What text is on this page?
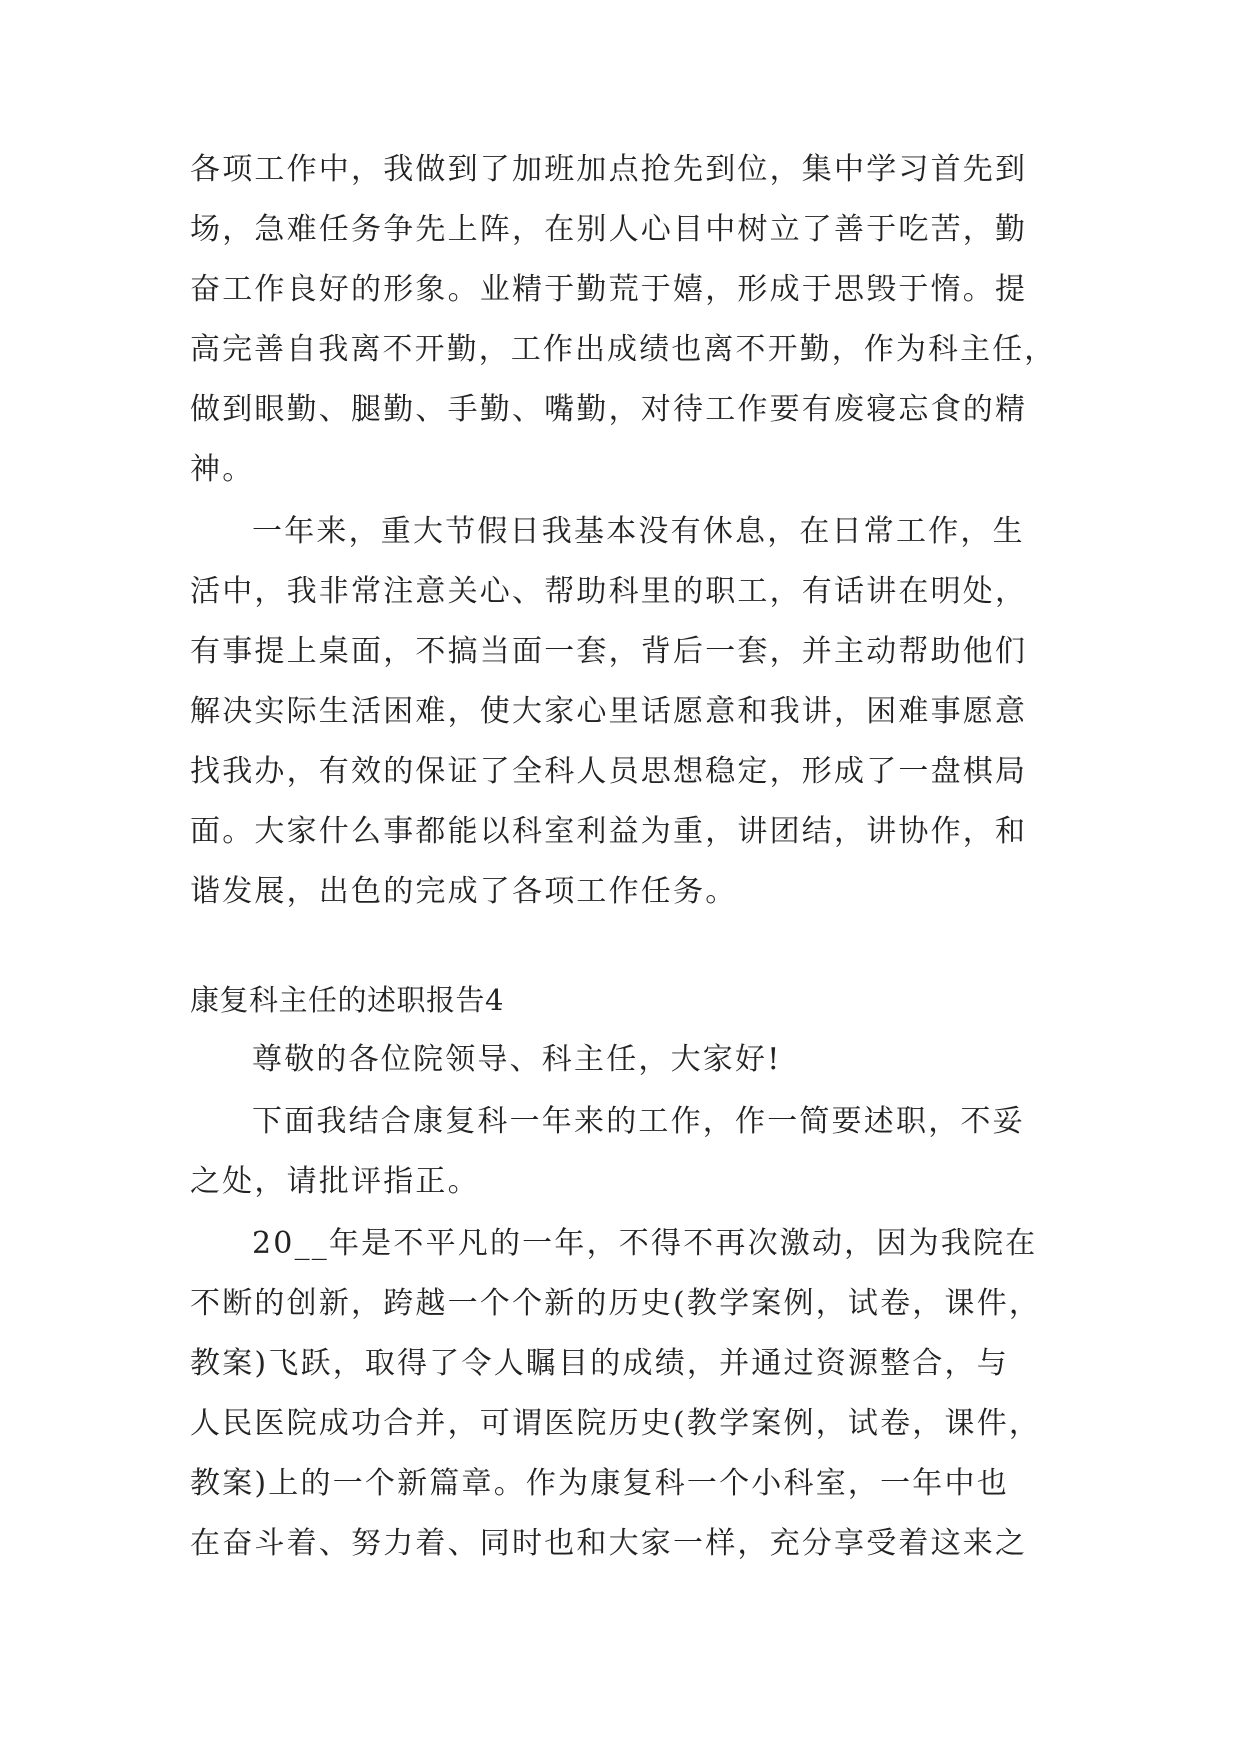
各项工作中，我做到了加班加点抢先到位，集中学习首先到
场，急难任务争先上阵，在别人心目中树立了善于吃苦，勤
奋工作良好的形象。业精于勤荒于嬉，形成于思毁于惰。提
高完善自我离不开勤，工作出成绩也离不开勤，作为科主任，
做到眼勤、腿勤、手勤、嘴勤，对待工作要有废寝忘食的精
神。
一年来，重大节假日我基本没有休息，在日常工作，生
活中，我非常注意关心、帮助科里的职工，有话讲在明处，
有事提上桌面，不搞当面一套，背后一套，并主动帮助他们
解决实际生活困难，使大家心里话愿意和我讲，困难事愿意
找我办，有效的保证了全科人员思想稳定，形成了一盘棋局
面。大家什么事都能以科室利益为重，讲团结，讲协作，和
谐发展，出色的完成了各项工作任务。
康复科主任的述职报告4
尊敬的各位院领导、科主任，大家好!
下面我结合康复科一年来的工作，作一简要述职，不妥
之处，请批评指正。
20__年是不平凡的一年，不得不再次激动，因为我院在
不断的创新，跨越一个个新的历史(教学案例，试卷，课件，
教案)飞跃，取得了令人瞩目的成绩，并通过资源整合，与
人民医院成功合并，可谓医院历史(教学案例，试卷，课件，
教案)上的一个新篇章。作为康复科一个小科室，一年中也
在奋斗着、努力着、同时也和大家一样，充分享受着这来之
